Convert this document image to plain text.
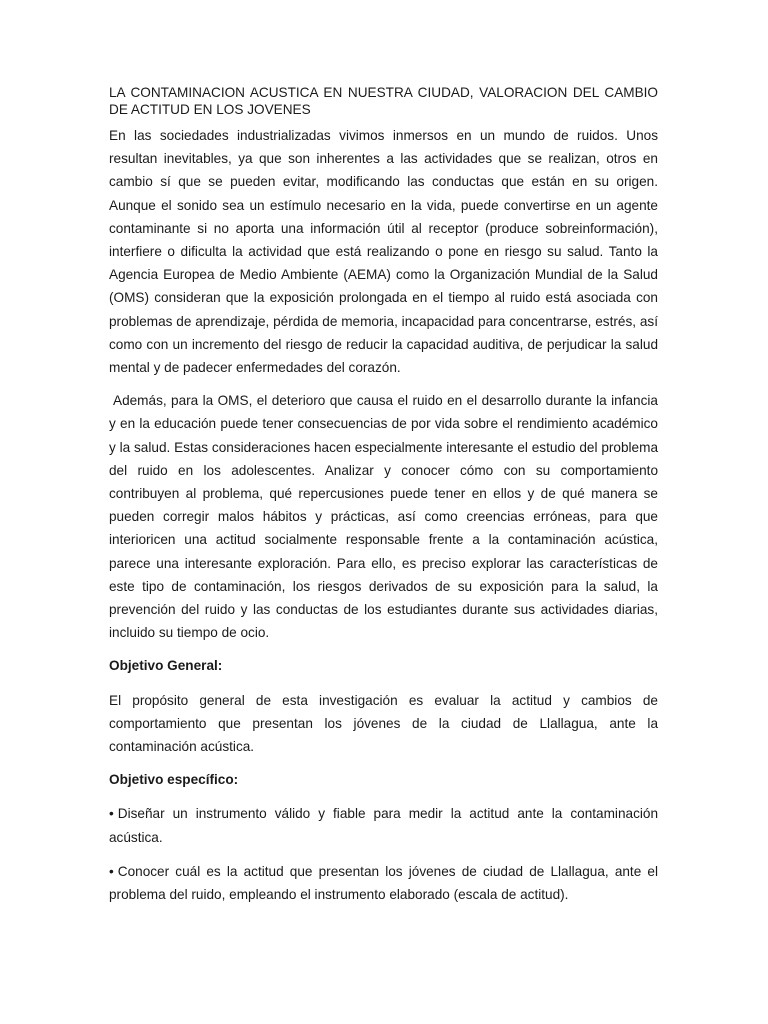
LA CONTAMINACION ACUSTICA EN NUESTRA CIUDAD, VALORACION DEL CAMBIO DE ACTITUD EN LOS JOVENES

En las sociedades industrializadas vivimos inmersos en un mundo de ruidos. Unos resultan inevitables, ya que son inherentes a las actividades que se realizan, otros en cambio sí que se pueden evitar, modificando las conductas que están en su origen. Aunque el sonido sea un estímulo necesario en la vida, puede convertirse en un agente contaminante si no aporta una información útil al receptor (produce sobreinformación), interfiere o dificulta la actividad que está realizando o pone en riesgo su salud. Tanto la Agencia Europea de Medio Ambiente (AEMA) como la Organización Mundial de la Salud (OMS) consideran que la exposición prolongada en el tiempo al ruido está asociada con problemas de aprendizaje, pérdida de memoria, incapacidad para concentrarse, estrés, así como con un incremento del riesgo de reducir la capacidad auditiva, de perjudicar la salud mental y de padecer enfermedades del corazón.

Además, para la OMS, el deterioro que causa el ruido en el desarrollo durante la infancia y en la educación puede tener consecuencias de por vida sobre el rendimiento académico y la salud. Estas consideraciones hacen especialmente interesante el estudio del problema del ruido en los adolescentes. Analizar y conocer cómo con su comportamiento contribuyen al problema, qué repercusiones puede tener en ellos y de qué manera se pueden corregir malos hábitos y prácticas, así como creencias erróneas, para que interioricen una actitud socialmente responsable frente a la contaminación acústica, parece una interesante exploración. Para ello, es preciso explorar las características de este tipo de contaminación, los riesgos derivados de su exposición para la salud, la prevención del ruido y las conductas de los estudiantes durante sus actividades diarias, incluido su tiempo de ocio.

Objetivo General:

El propósito general de esta investigación es evaluar la actitud y cambios de comportamiento que presentan los jóvenes de la ciudad de Llallagua, ante la contaminación acústica.

Objetivo específico:

• Diseñar un instrumento válido y fiable para medir la actitud ante la contaminación acústica.

• Conocer cuál es la actitud que presentan los jóvenes de ciudad de Llallagua, ante el problema del ruido, empleando el instrumento elaborado (escala de actitud).
